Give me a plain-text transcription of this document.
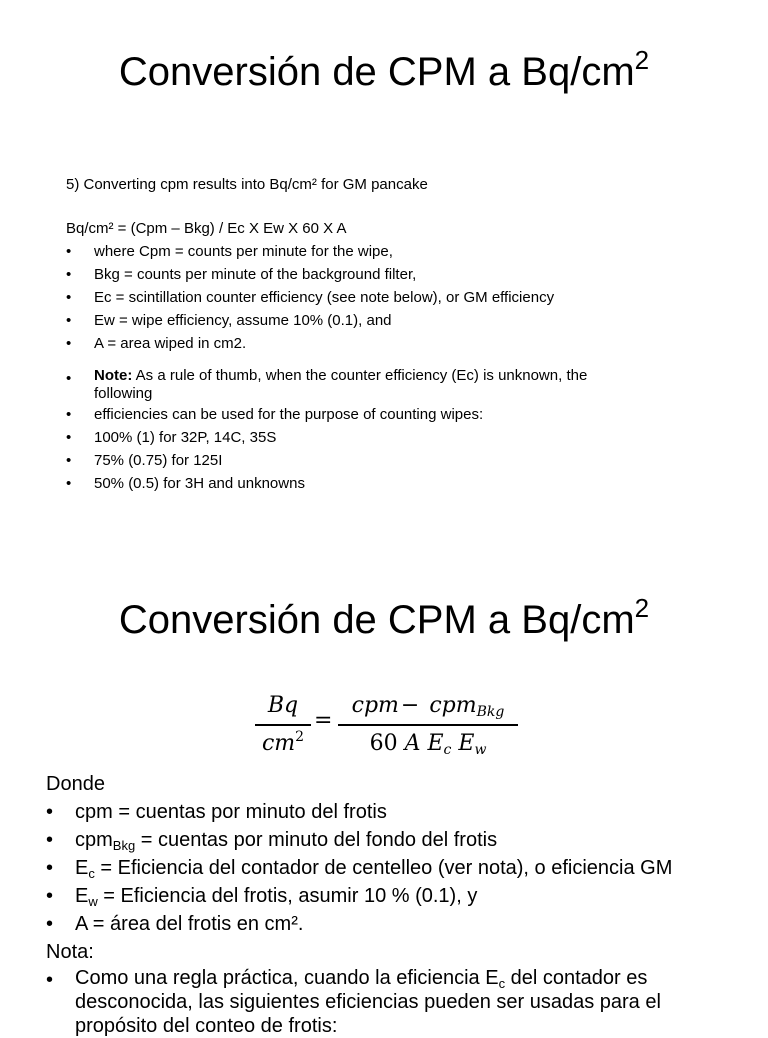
Conversión de CPM a $Bq/cm^2$
5) Converting cpm results into Bq/cm² for GM pancake
Bq/cm² = (Cpm – Bkg) / Ec X Ew X 60 X A
• where Cpm = counts per minute for the wipe,
• Bkg = counts per minute of the background filter,
• Ec = scintillation counter efficiency (see note below), or GM efficiency
• Ew = wipe efficiency, assume 10% (0.1), and
• A = area wiped in cm2.
• Note: As a rule of thumb, when the counter efficiency (Ec) is unknown, the
following
• efficiencies can be used for the purpose of counting wipes:
• 100% (1) for 32P, 14C, 35S
• 75% (0.75) for 125I
• 50% (0.5) for 3H and unknowns
Conversión de CPM a $Bq/cm^2$
Bq
$cm^2$
=
cpm− cpm$_{Bkg}$
60 A $E_c$ $E_w$
Donde
• cpm = cuentas por minuto del frotis
• cpm$_{Bkg}$ = cuentas por minuto del fondo del frotis
• $E_c$ = Eficiencia del contador de centelleo (ver nota), o eficiencia GM
• $E_w$ = Eficiencia del frotis, asumir 10 % (0.1), y
• A = área del frotis en cm².
Nota:
• Como una regla práctica, cuando la eficiencia $E_c$ del contador es
desconocida, las siguientes eficiencias pueden ser usadas para el
propósito del conteo de frotis:
